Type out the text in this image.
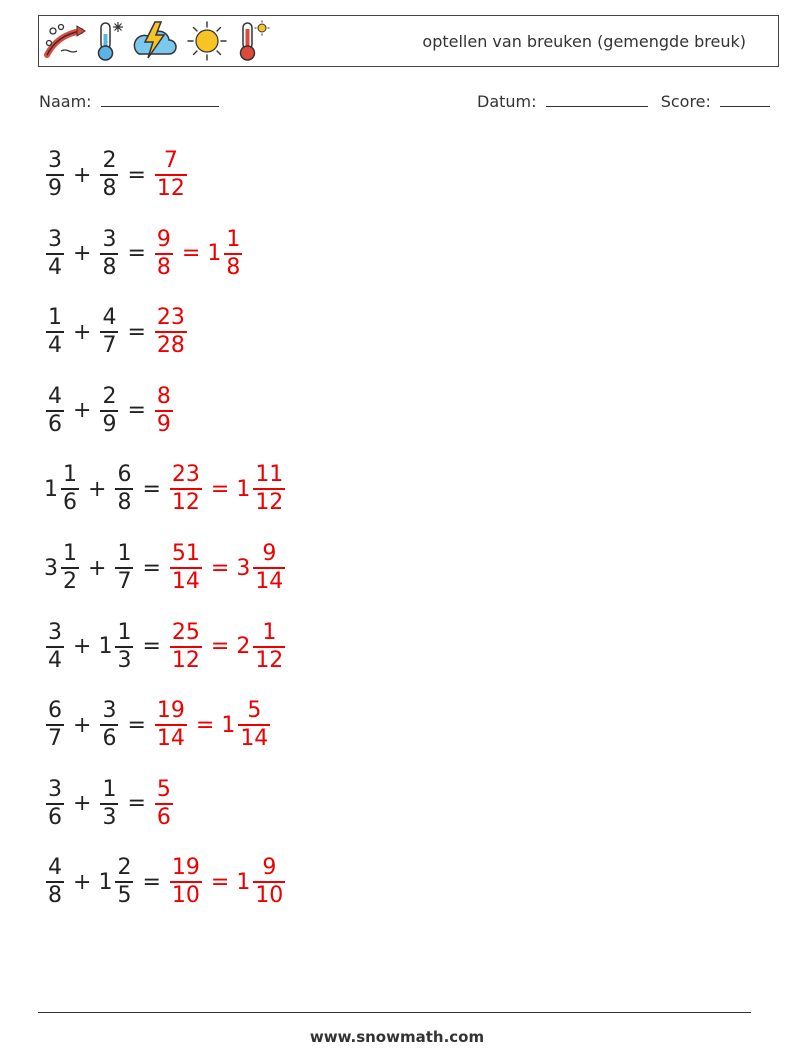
optellen van breuken (gemengde breuk)
Naam:	Datum:	Score:
$\frac{3}{9} + \frac{2}{8} = \frac{7}{12}$
$\frac{3}{4} + \frac{3}{8} = \frac{9}{8} = 1 \frac{1}{8}$
$\frac{1}{4} + \frac{4}{7} = \frac{23}{28}$
$\frac{4}{6} + \frac{2}{9} = \frac{8}{9}$
$1 \frac{1}{6} + \frac{6}{8} = \frac{23}{12} = 1 \frac{11}{12}$
$3 \frac{1}{2} + \frac{1}{7} = \frac{51}{14} = 3 \frac{9}{14}$
$\frac{3}{4} + 1 \frac{1}{3} = \frac{25}{12} = 2 \frac{1}{12}$
$\frac{6}{7} + \frac{3}{6} = \frac{19}{14} = 1 \frac{5}{14}$
$\frac{3}{6} + \frac{1}{3} = \frac{5}{6}$
$\frac{4}{8} + 1 \frac{2}{5} = \frac{19}{10} = 1 \frac{9}{10}$
www.snowmath.com
